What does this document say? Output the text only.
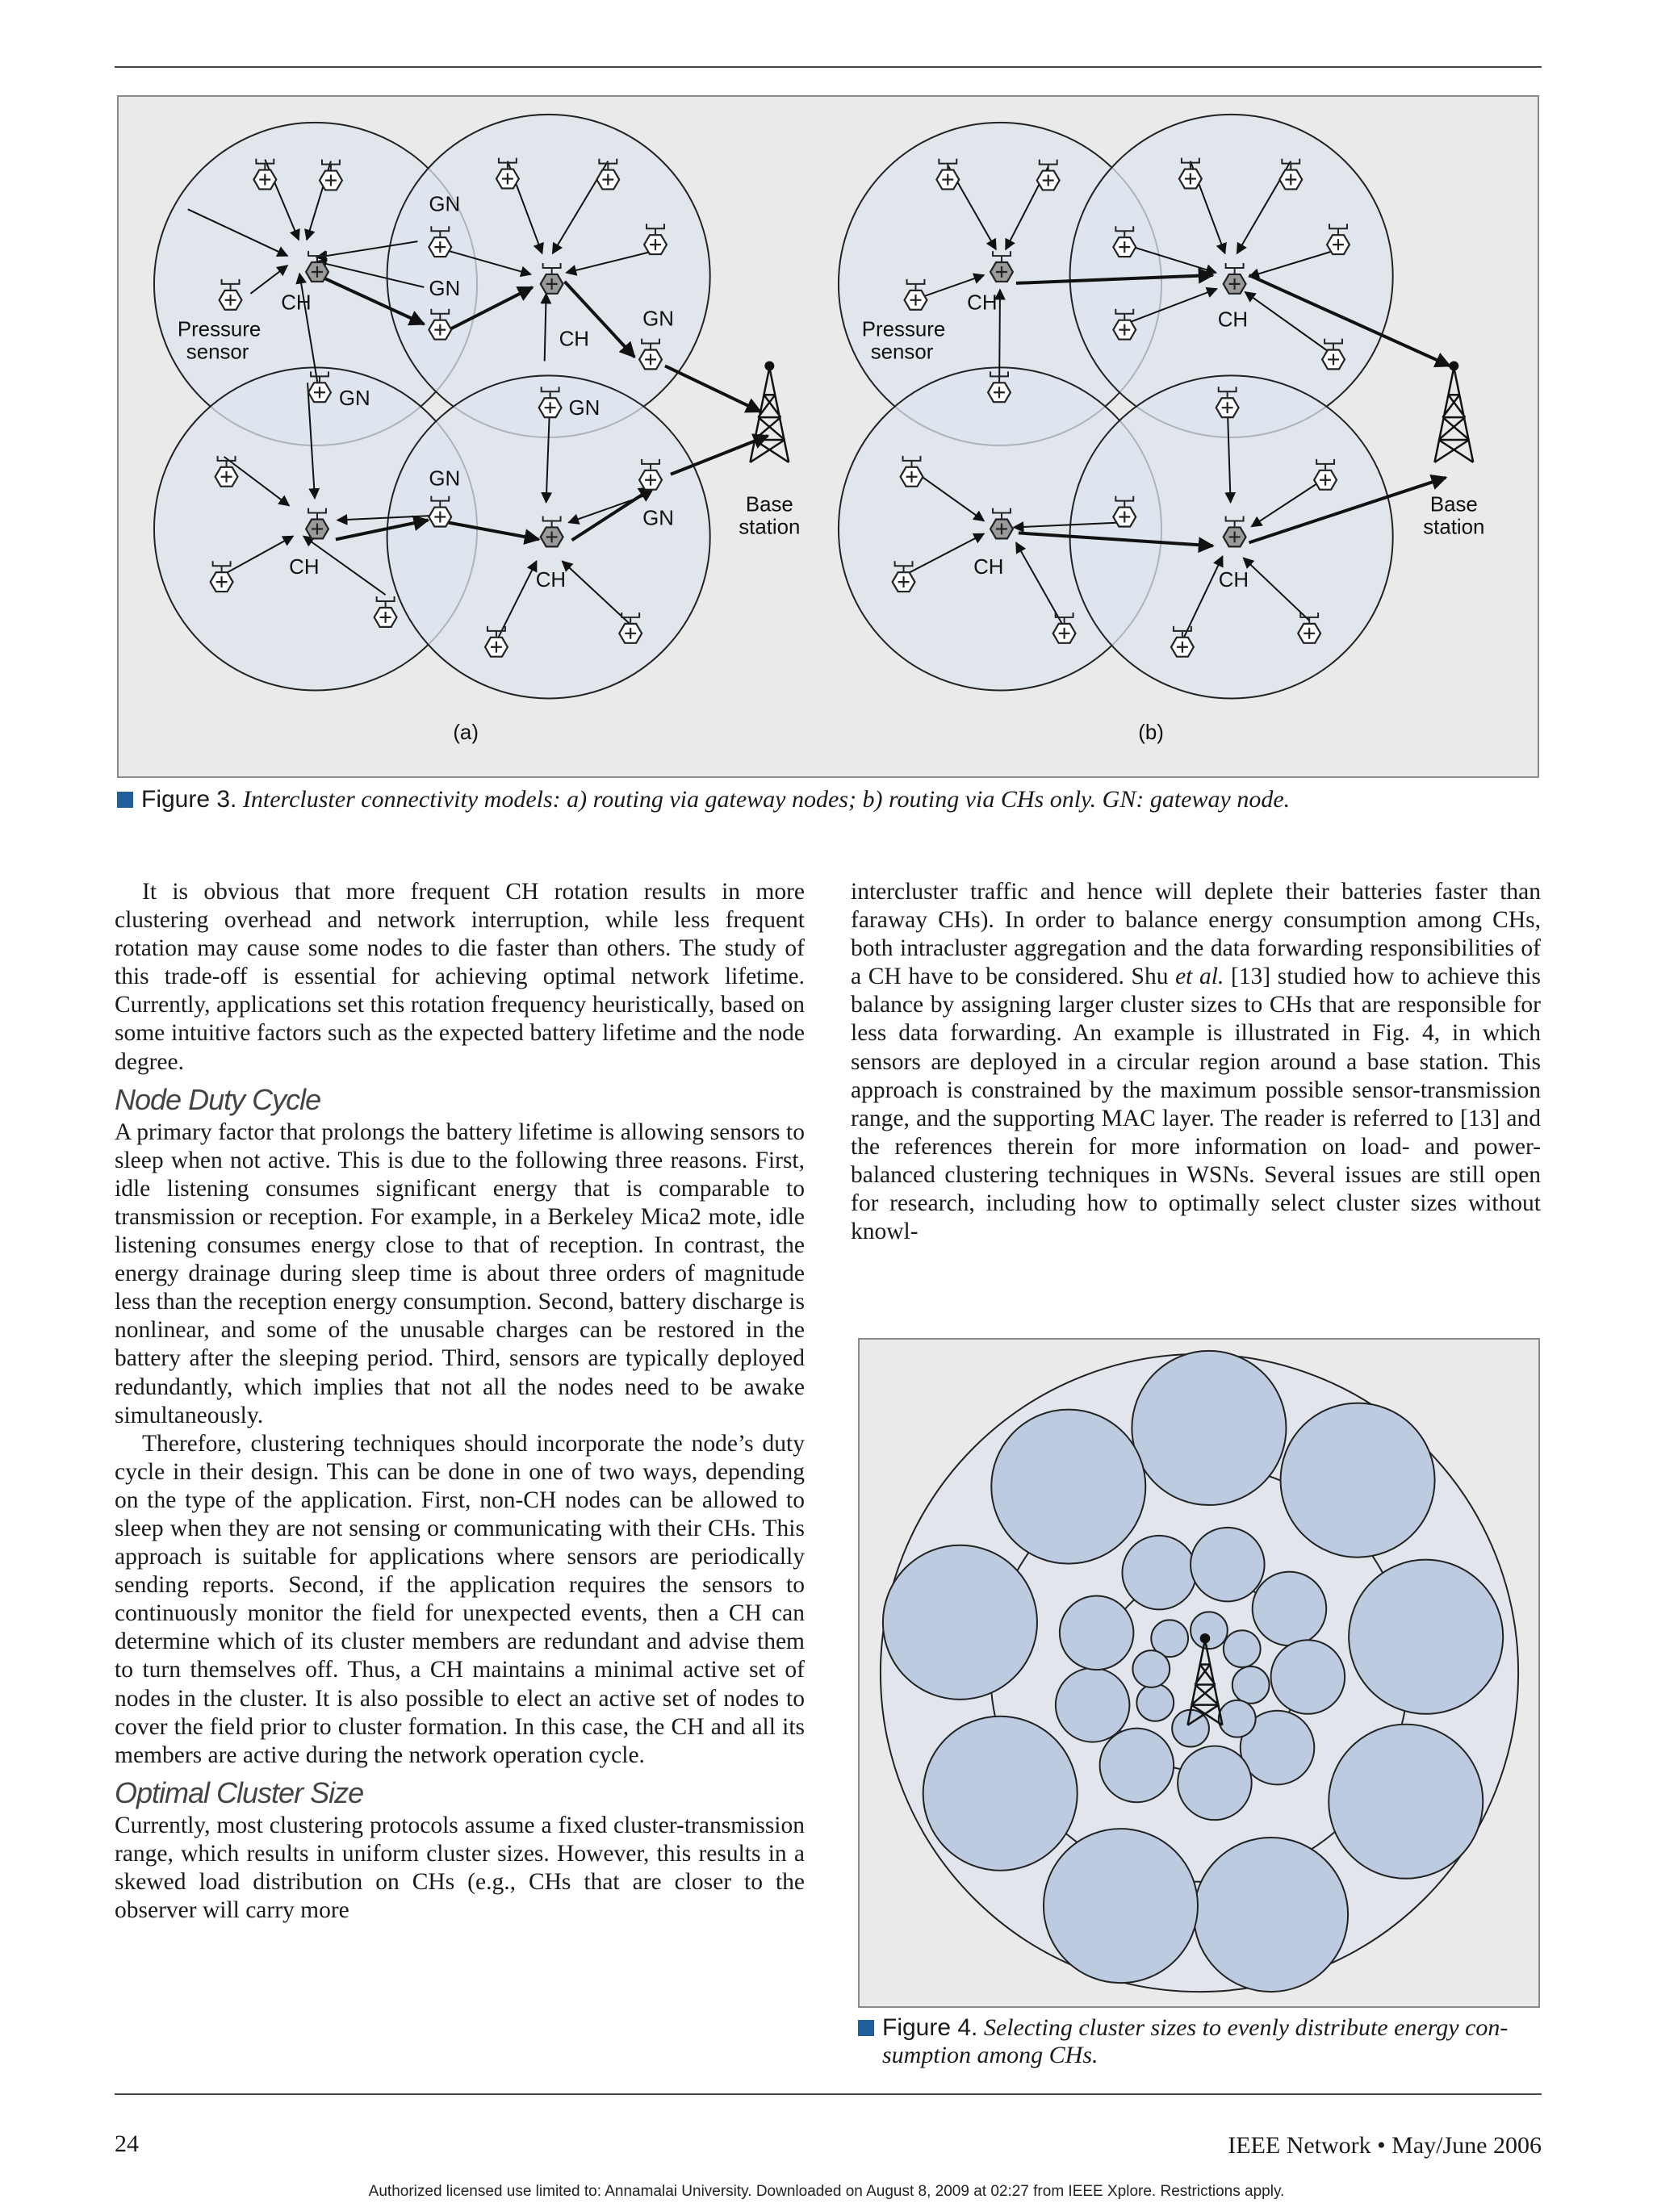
CH
CH
CH
CH
GN
GN
GN
GN	GN
GN
GN
Pressure
sensor
Base
station
(a)
CH
CH
CH
CH
Pressure
sensor
Base
station
(b)
Figure 3. Intercluster connectivity models: a) routing via gateway nodes; b) routing via CHs only. GN: gateway node.

It is obvious that more frequent CH rotation results in more clustering overhead and network interruption, while less frequent rotation may cause some nodes to die faster than others. The study of this trade-off is essential for achieving optimal network lifetime. Currently, applications set this rotation frequency heuristically, based on some intuitive factors such as the expected battery lifetime and the node degree.

Node Duty Cycle

A primary factor that prolongs the battery lifetime is allowing sensors to sleep when not active. This is due to the following three reasons. First, idle listening consumes significant energy that is comparable to transmission or reception. For example, in a Berkeley Mica2 mote, idle listening consumes energy close to that of reception. In contrast, the energy drainage during sleep time is about three orders of magnitude less than the reception energy consumption. Second, battery discharge is nonlinear, and some of the unusable charges can be restored in the battery after the sleeping period. Third, sensors are typically deployed redundantly, which implies that not all the nodes need to be awake simultaneously.

Therefore, clustering techniques should incorporate the node’s duty cycle in their design. This can be done in one of two ways, depending on the type of the application. First, non-CH nodes can be allowed to sleep when they are not sensing or communicating with their CHs. This approach is suitable for applications where sensors are periodically sending reports. Second, if the application requires the sensors to continuously monitor the field for unexpected events, then a CH can determine which of its cluster members are redundant and advise them to turn themselves off. Thus, a CH maintains a minimal active set of nodes in the cluster. It is also possible to elect an active set of nodes to cover the field prior to cluster formation. In this case, the CH and all its members are active during the network operation cycle.

Optimal Cluster Size

Currently, most clustering protocols assume a fixed cluster-transmission range, which results in uniform cluster sizes. However, this results in a skewed load distribution on CHs (e.g., CHs that are closer to the observer will carry more

intercluster traffic and hence will deplete their batteries faster than faraway CHs). In order to balance energy consumption among CHs, both intracluster aggregation and the data forwarding responsibilities of a CH have to be considered. Shu et al. [13] studied how to achieve this balance by assigning larger cluster sizes to CHs that are responsible for less data forwarding. An example is illustrated in Fig. 4, in which sensors are deployed in a circular region around a base station. This approach is constrained by the maximum possible sensor-transmission range, and the supporting MAC layer. The reader is referred to [13] and the references therein for more information on load- and power-balanced clustering techniques in WSNs. Several issues are still open for research, including how to optimally select cluster sizes without knowl-

Figure 4. Selecting cluster sizes to evenly distribute energy con-
sumption among CHs.
24	IEEE Network • May/June 2006
Authorized licensed use limited to: Annamalai University. Downloaded on August 8, 2009 at 02:27 from IEEE Xplore. Restrictions apply.
